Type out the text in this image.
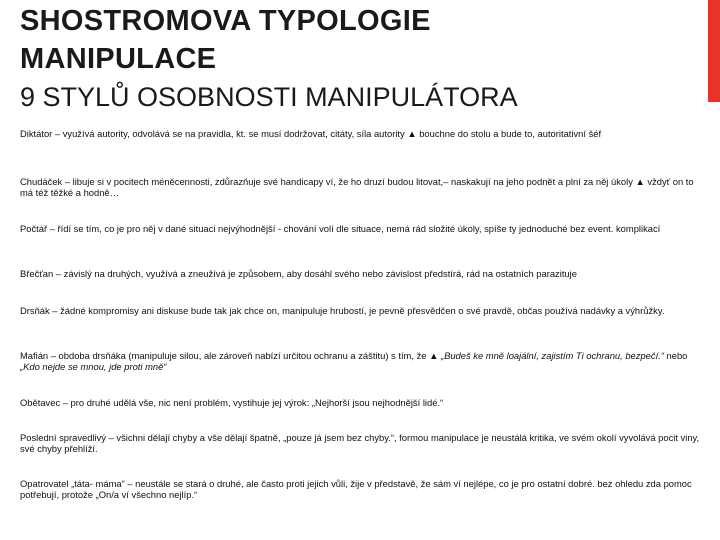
SHOSTROMOVA TYPOLOGIE
MANIPULACE
9 STYLŮ OSOBNOSTI MANIPULÁTORA

Diktátor – využívá autority, odvolává se na pravidla, kt. se musí dodržovat, citáty, síla autority ▲ bouchne do stolu a bude to, autoritativní šéf

Chudáček – libuje si v pocitech méněcennosti, zdůrazňuje své handicapy ví, že ho druzí budou litovat,– naskakují na jeho podnět a plní za něj úkoly ▲ vždyť on to má též těžké a hodně…

Počtář – řídí se tím, co je pro něj v dané situaci nejvýhodnější - chování volí dle situace, nemá rád složité úkoly, spíše ty jednoduché bez event. komplikací

Břečťan – závislý na druhých, využívá a zneužívá je způsobem, aby dosáhl svého nebo závislost předstírá, rád na ostatních parazituje

Drsňák – žádné kompromisy ani diskuse bude tak jak chce on, manipuluje hrubostí, je pevně přesvědčen o své pravdě, občas používá nadávky a výhrůžky.

Mafián – obdoba drsňáka (manipuluje silou, ale zároveň nabízí určitou ochranu a záštitu) s tím, že ▲ „Budeš ke mně loajální, zajistím Ti ochranu, bezpečí.“ nebo „Kdo nejde se mnou, jde proti mně“

Obětavec – pro druhé udělá vše, nic není problém, vystihuje jej výrok: „Nejhorší jsou nejhodnější lidé.“

Poslední spravedlivý – všichni dělají chyby a vše dělají špatně, „pouze já jsem bez chyby.“, formou manipulace je neustálá kritika, ve svém okolí vyvolává pocit viny, své chyby přehlíží.

Opatrovatel „táta- máma“ – neustále se stará o druhé, ale často proti jejich vůli, žije v představě, že sám ví nejlépe, co je pro ostatní dobré. bez ohledu zda pomoc potřebují, protože „On/a ví všechno nejlíp.“
